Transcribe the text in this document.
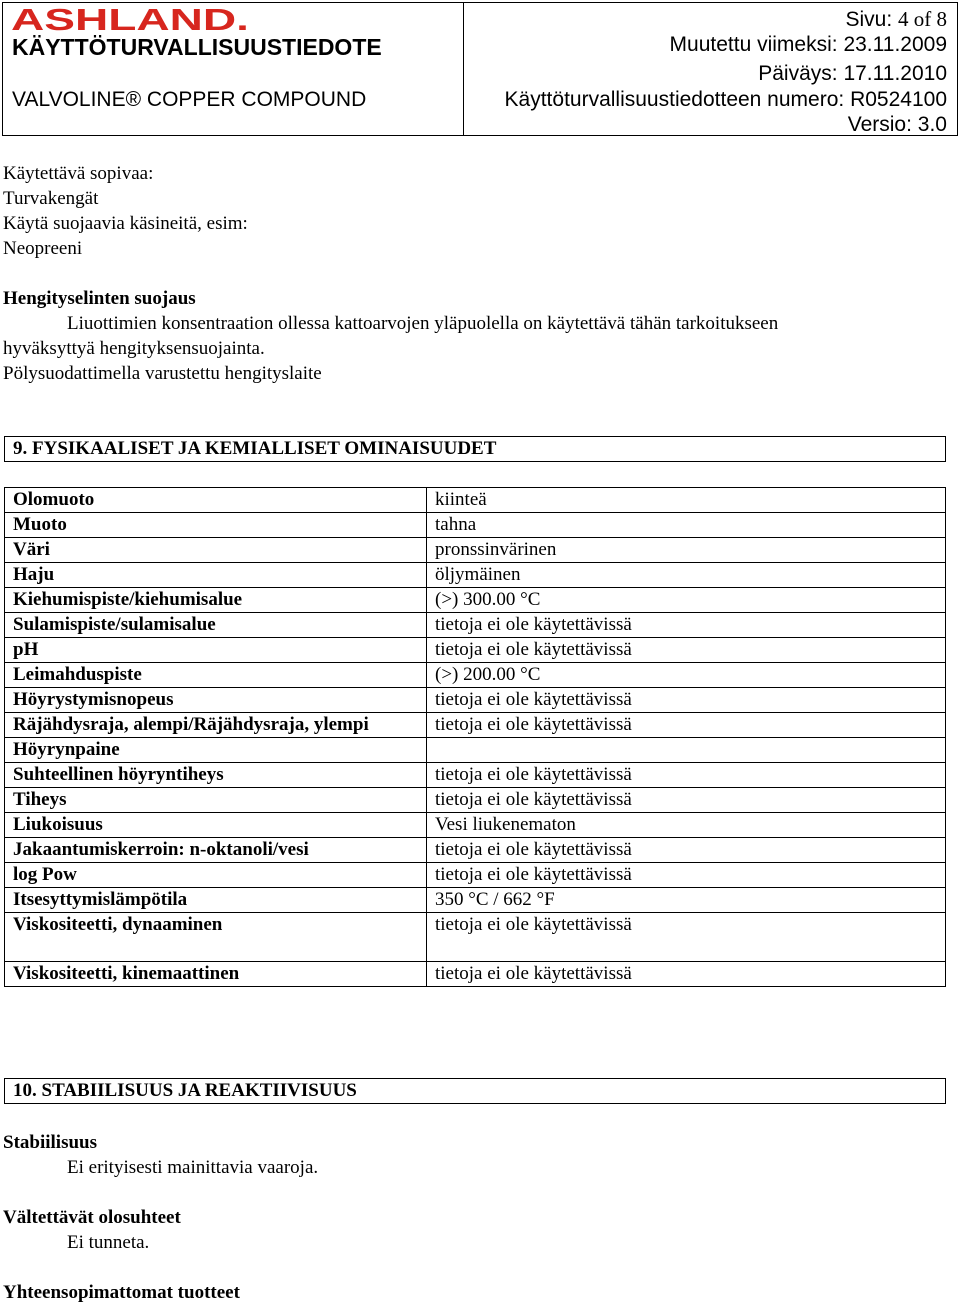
ASHLAND.
KÄYTTÖTURVALLISUUSTIEDOTE
VALVOLINE® COPPER COMPOUND
Sivu: 4 of 8
Muutettu viimeksi: 23.11.2009
Päiväys: 17.11.2010
Käyttöturvallisuustiedotteen numero: R0524100
Versio: 3.0
Käytettävä sopivaa:
Turvakengät
Käytä suojaavia käsineitä, esim:
Neopreeni
Hengityselinten suojaus
Liuottimien konsentraation ollessa kattoarvojen yläpuolella on käytettävä tähän tarkoitukseen
hyväksyttyä hengityksensuojainta.
Pölysuodattimella varustettu hengityslaite
9. FYSIKAALISET JA KEMIALLISET OMINAISUUDET
Olomuoto	kiinteä
Muoto	tahna
Väri	pronssinvärinen
Haju	öljymäinen
Kiehumispiste/kiehumisalue	(>) 300.00 °C
Sulamispiste/sulamisalue	tietoja ei ole käytettävissä
pH	tietoja ei ole käytettävissä
Leimahduspiste	(>) 200.00 °C
Höyrystymisnopeus	tietoja ei ole käytettävissä
Räjähdysraja, alempi/Räjähdysraja, ylempi	tietoja ei ole käytettävissä
Höyrynpaine	
Suhteellinen höyryntiheys	tietoja ei ole käytettävissä
Tiheys	tietoja ei ole käytettävissä
Liukoisuus	Vesi liukenematon
Jakaantumiskerroin: n-oktanoli/vesi	tietoja ei ole käytettävissä
log Pow	tietoja ei ole käytettävissä
Itsesyttymislämpötila	350 °C / 662 °F
Viskositeetti, dynaaminen	tietoja ei ole käytettävissä
Viskositeetti, kinemaattinen	tietoja ei ole käytettävissä
10. STABIILISUUS JA REAKTIIVISUUS
Stabiilisuus
Ei erityisesti mainittavia vaaroja.
Vältettävät olosuhteet
Ei tunneta.
Yhteensopimattomat tuotteet
